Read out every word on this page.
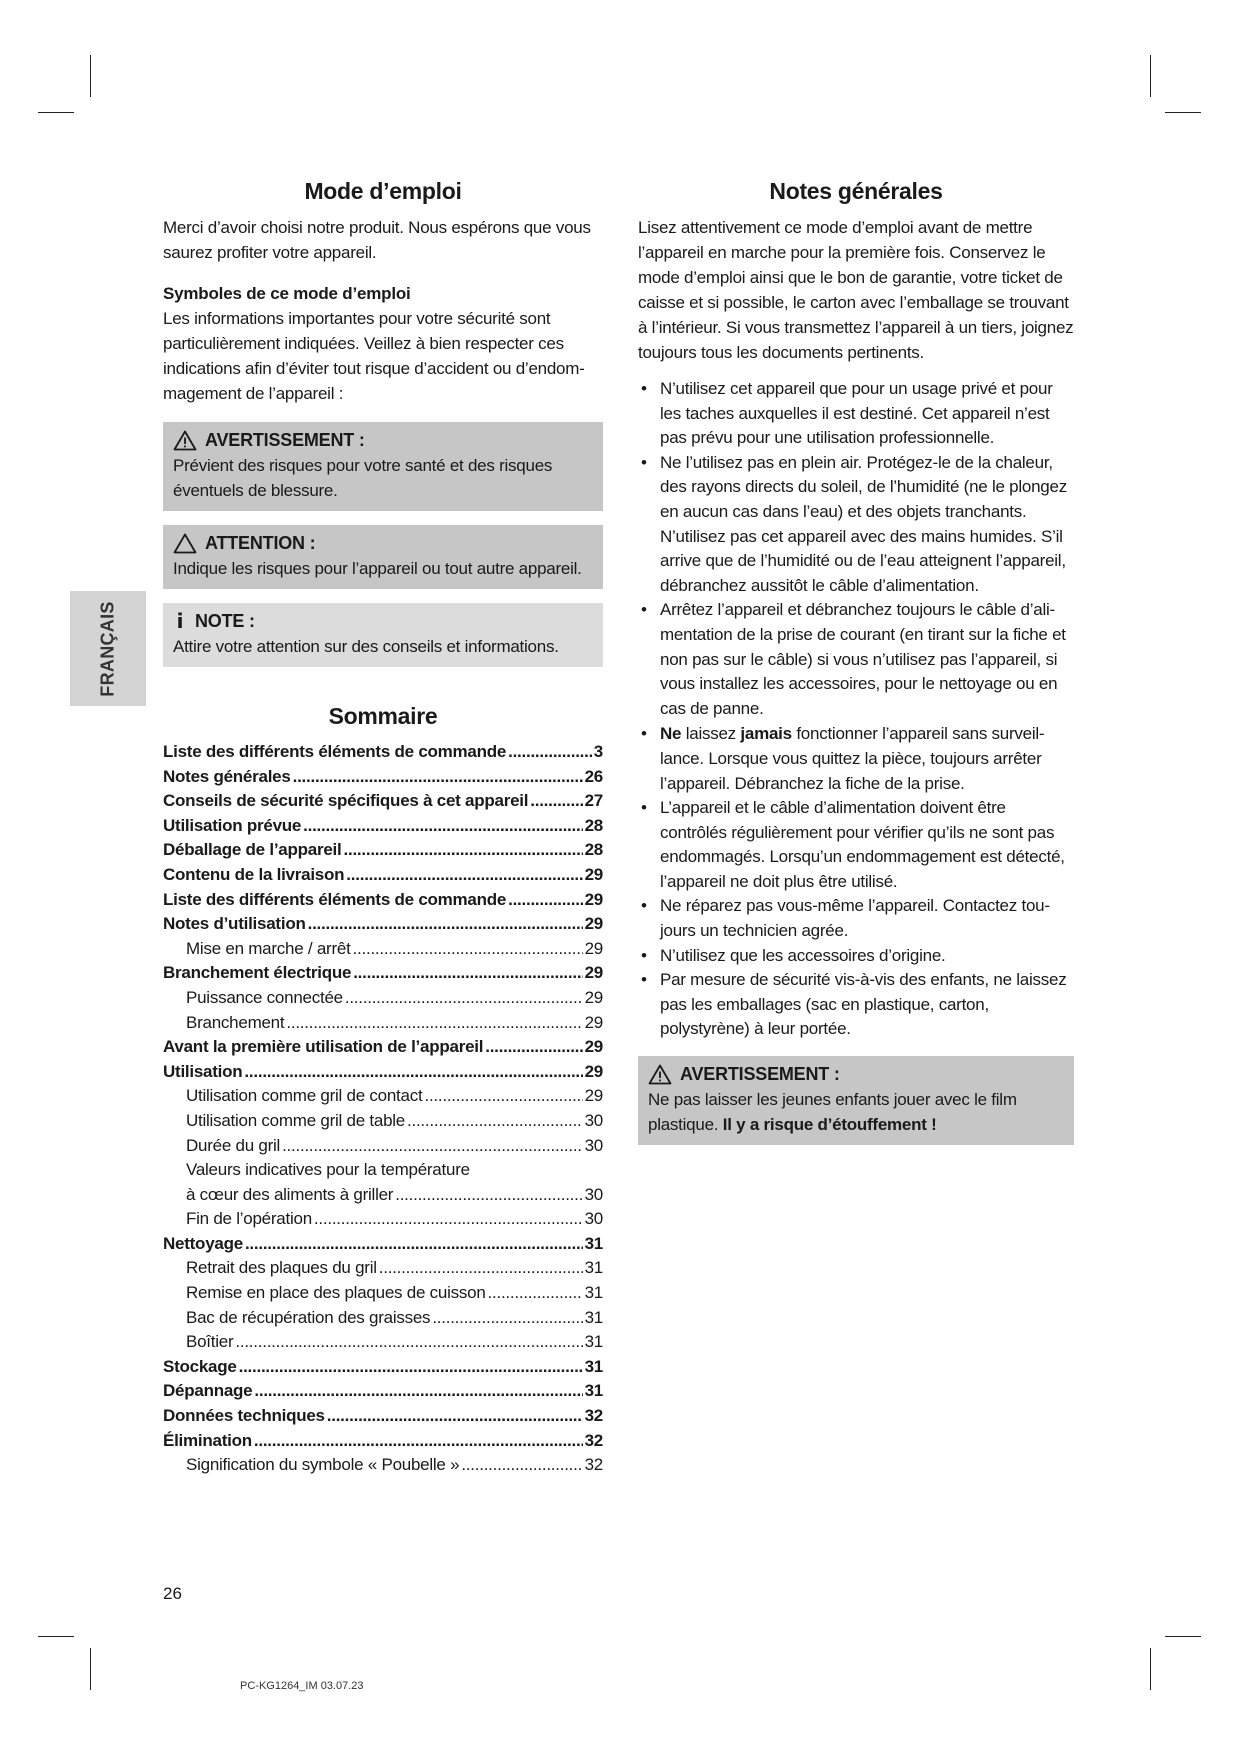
FRANÇAIS
Mode d’emploi

Merci d’avoir choisi notre produit. Nous espérons que vous saurez profiter votre appareil.

Symboles de ce mode d’emploi

Les informations importantes pour votre sécurité sont particulièrement indiquées. Veillez à bien respecter ces indications afin d’éviter tout risque d’accident ou d’endom-magement de l’appareil :

AVERTISSEMENT :
Prévient des risques pour votre santé et des risques éventuels de blessure.
ATTENTION :
Indique les risques pour l’appareil ou tout autre appareil.
i NOTE :
Attire votre attention sur des conseils et informations.
Sommaire
Liste des différents éléments de commande .....	3
Notes générales .....	26
Conseils de sécurité spécifiques à cet appareil .....	27
Utilisation prévue .....	28
Déballage de l’appareil .....	28
Contenu de la livraison .....	29
Liste des différents éléments de commande .....	29
Notes d’utilisation .....	29
Mise en marche / arrêt .....	29
Branchement électrique .....	29
Puissance connectée .....	29
Branchement .....	29
Avant la première utilisation de l’appareil .....	29
Utilisation .....	29
Utilisation comme gril de contact .....	29
Utilisation comme gril de table .....	30
Durée du gril .....	30
Valeurs indicatives pour la température
à cœur des aliments à griller .....	30
Fin de l’opération .....	30
Nettoyage .....	31
Retrait des plaques du gril .....	31
Remise en place des plaques de cuisson .....	31
Bac de récupération des graisses .....	31
Boîtier .....	31
Stockage .....	31
Dépannage .....	31
Données techniques .....	32
Élimination .....	32
Signification du symbole « Poubelle » .....	32
Notes générales

Lisez attentivement ce mode d’emploi avant de mettre l’appareil en marche pour la première fois. Conservez le mode d’emploi ainsi que le bon de garantie, votre ticket de caisse et si possible, le carton avec l’emballage se trouvant à l’intérieur. Si vous transmettez l’appareil à un tiers, joignez toujours tous les documents pertinents.

• N’utilisez cet appareil que pour un usage privé et pour les taches auxquelles il est destiné. Cet appareil n’est pas prévu pour une utilisation professionnelle.
• Ne l’utilisez pas en plein air. Protégez-le de la chaleur, des rayons directs du soleil, de l’humidité (ne le plongez en aucun cas dans l’eau) et des objets tranchants. N’utilisez pas cet appareil avec des mains humides. S’il arrive que de l’humidité ou de l’eau atteignent l’appareil, débranchez aussitôt le câble d’alimentation.
• Arrêtez l’appareil et débranchez toujours le câble d’ali-mentation de la prise de courant (en tirant sur la fiche et non pas sur le câble) si vous n’utilisez pas l’appareil, si vous installez les accessoires, pour le nettoyage ou en cas de panne.
• Ne laissez jamais fonctionner l’appareil sans surveil-lance. Lorsque vous quittez la pièce, toujours arrêter l’appareil. Débranchez la fiche de la prise.
• L’appareil et le câble d’alimentation doivent être contrôlés régulièrement pour vérifier qu’ils ne sont pas endommagés. Lorsqu’un endommagement est détecté, l’appareil ne doit plus être utilisé.
• Ne réparez pas vous-même l’appareil. Contactez tou-jours un technicien agrée.
• N’utilisez que les accessoires d’origine.
• Par mesure de sécurité vis-à-vis des enfants, ne laissez pas les emballages (sac en plastique, carton, polystyrène) à leur portée.
AVERTISSEMENT :
Ne pas laisser les jeunes enfants jouer avec le film plastique. Il y a risque d’étouffement !
26
PC-KG1264_IM 03.07.23
